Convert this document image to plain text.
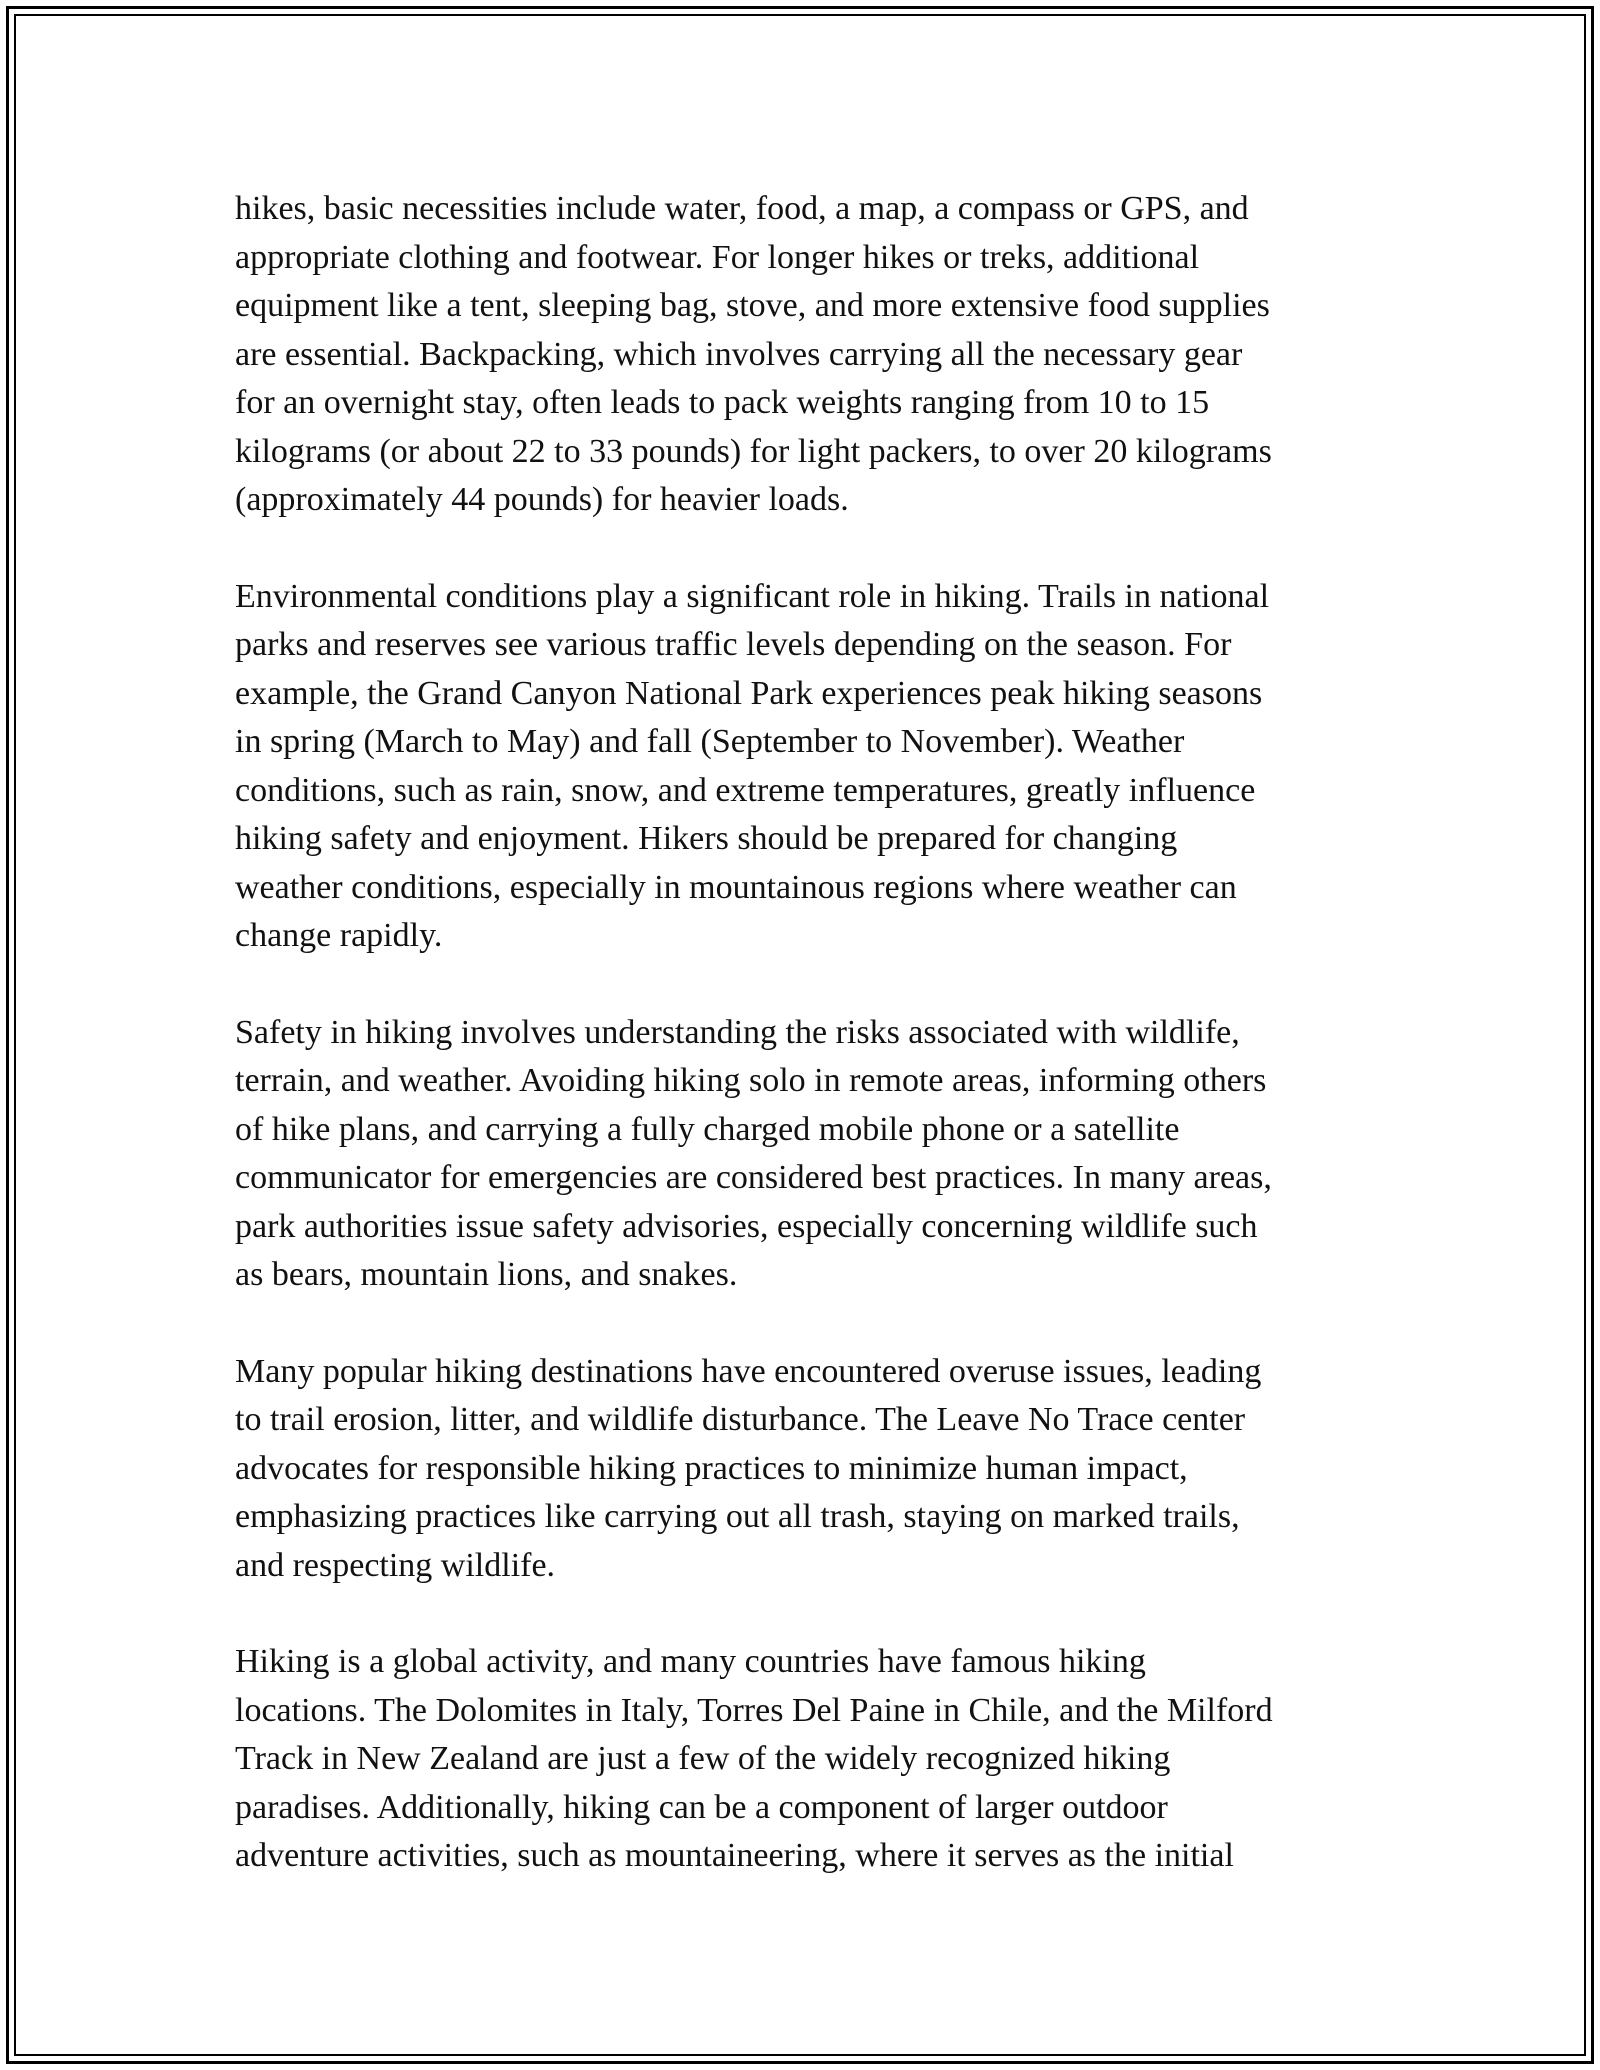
hikes, basic necessities include water, food, a map, a compass or GPS, and
appropriate clothing and footwear. For longer hikes or treks, additional
equipment like a tent, sleeping bag, stove, and more extensive food supplies
are essential. Backpacking, which involves carrying all the necessary gear
for an overnight stay, often leads to pack weights ranging from 10 to 15
kilograms (or about 22 to 33 pounds) for light packers, to over 20 kilograms
(approximately 44 pounds) for heavier loads.

Environmental conditions play a significant role in hiking. Trails in national
parks and reserves see various traffic levels depending on the season. For
example, the Grand Canyon National Park experiences peak hiking seasons
in spring (March to May) and fall (September to November). Weather
conditions, such as rain, snow, and extreme temperatures, greatly influence
hiking safety and enjoyment. Hikers should be prepared for changing
weather conditions, especially in mountainous regions where weather can
change rapidly.

Safety in hiking involves understanding the risks associated with wildlife,
terrain, and weather. Avoiding hiking solo in remote areas, informing others
of hike plans, and carrying a fully charged mobile phone or a satellite
communicator for emergencies are considered best practices. In many areas,
park authorities issue safety advisories, especially concerning wildlife such
as bears, mountain lions, and snakes.

Many popular hiking destinations have encountered overuse issues, leading
to trail erosion, litter, and wildlife disturbance. The Leave No Trace center
advocates for responsible hiking practices to minimize human impact,
emphasizing practices like carrying out all trash, staying on marked trails,
and respecting wildlife.

Hiking is a global activity, and many countries have famous hiking
locations. The Dolomites in Italy, Torres Del Paine in Chile, and the Milford
Track in New Zealand are just a few of the widely recognized hiking
paradises. Additionally, hiking can be a component of larger outdoor
adventure activities, such as mountaineering, where it serves as the initial
